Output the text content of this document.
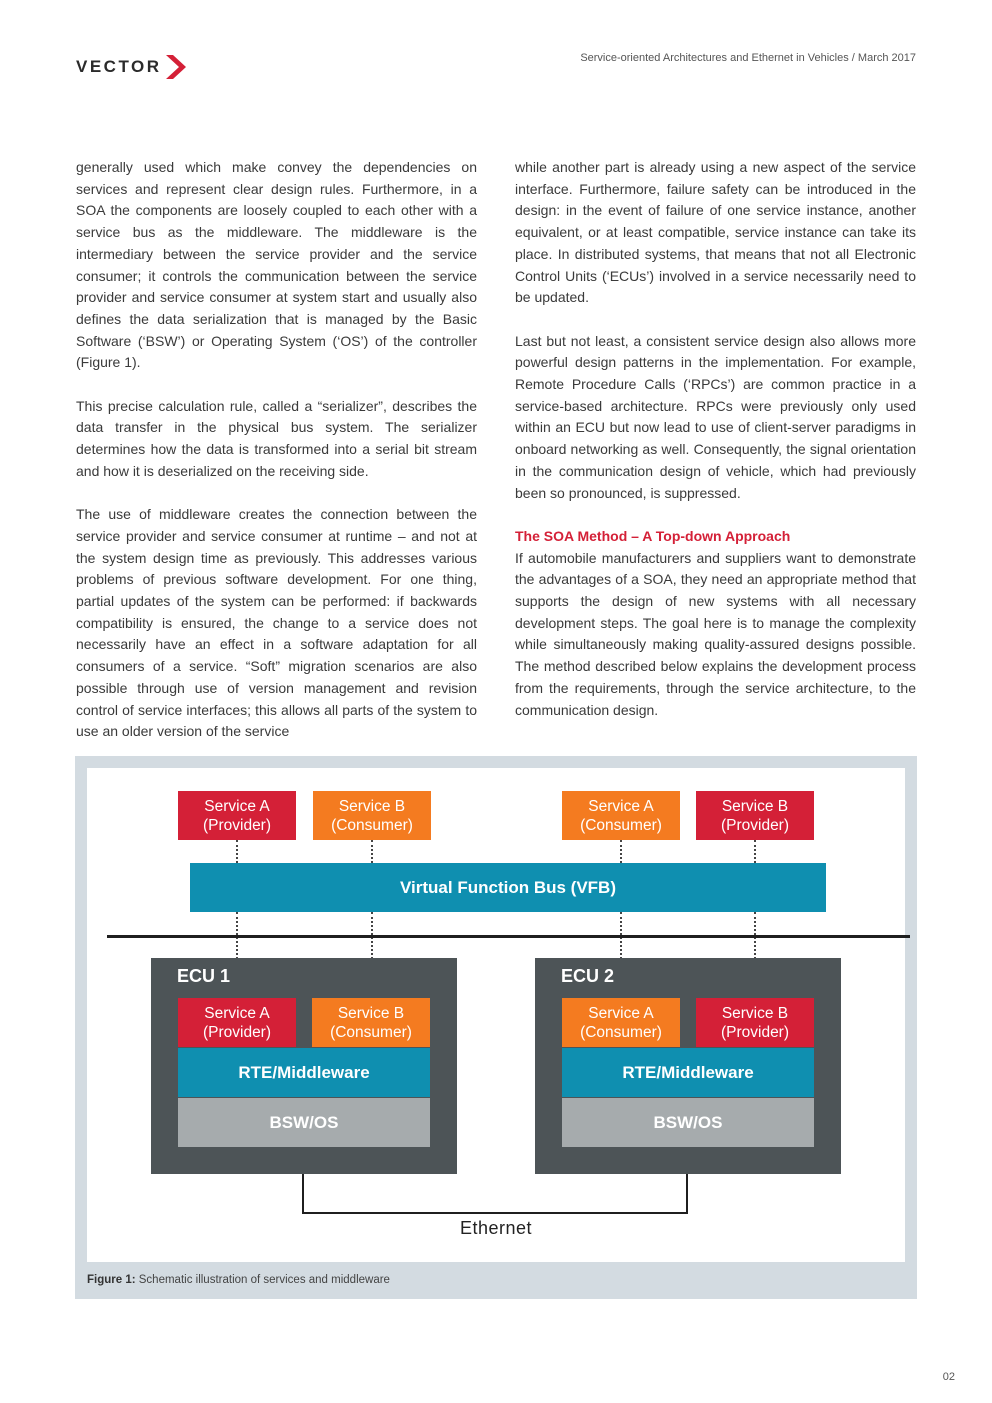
VECTOR	Service-oriented Architectures and Ethernet in Vehicles / March 2017

generally used which make convey the dependencies on services and represent clear design rules. Furthermore, in a SOA the components are loosely coupled to each other with a service bus as the middleware. The middleware is the intermediary between the service provider and the service consumer; it controls the communication between the service provider and service consumer at system start and usually also defines the data serialization that is managed by the Basic Software (‘BSW’) or Operating System (‘OS’) of the controller (Figure 1).

This precise calculation rule, called a “serializer”, describes the data transfer in the physical bus system. The serializer determines how the data is transformed into a serial bit stream and how it is deserialized on the receiving side.

The use of middleware creates the connection between the service provider and service consumer at runtime – and not at the system design time as previously. This addresses various problems of previous software development. For one thing, partial updates of the system can be performed: if backwards compatibility is ensured, the change to a service does not necessarily have an effect in a software adaptation for all consumers of a service. “Soft” migration scenarios are also possible through use of version management and revision control of service interfaces; this allows all parts of the system to use an older version of the service

while another part is already using a new aspect of the service interface. Furthermore, failure safety can be introduced in the design: in the event of failure of one service instance, another equivalent, or at least compatible, service instance can take its place. In distributed systems, that means that not all Electronic Control Units (‘ECUs’) involved in a service necessarily need to be updated.

Last but not least, a consistent service design also allows more powerful design patterns in the implementation. For example, Remote Procedure Calls (‘RPCs’) are common practice in a service-based architecture. RPCs were previously only used within an ECU but now lead to use of client-server paradigms in onboard networking as well. Consequently, the signal orientation in the communication design of vehicle, which had previously been so pronounced, is suppressed.

The SOA Method – A Top-down Approach

If automobile manufacturers and suppliers want to demonstrate the advantages of a SOA, they need an appropriate method that supports the design of new systems with all necessary development steps. The goal here is to manage the complexity while simultaneously making quality-assured designs possible. The method described below explains the development process from the requirements, through the service architecture, to the communication design.

Service A
(Provider)
Service B
(Consumer)
Service A
(Consumer)
Service B
(Provider)
Virtual Function Bus (VFB)
ECU 1
Service A
(Provider)
Service B
(Consumer)
RTE/Middleware
BSW/OS
ECU 2
Service A
(Consumer)
Service B
(Provider)
RTE/Middleware
BSW/OS
Ethernet
Figure 1: Schematic illustration of services and middleware
02
